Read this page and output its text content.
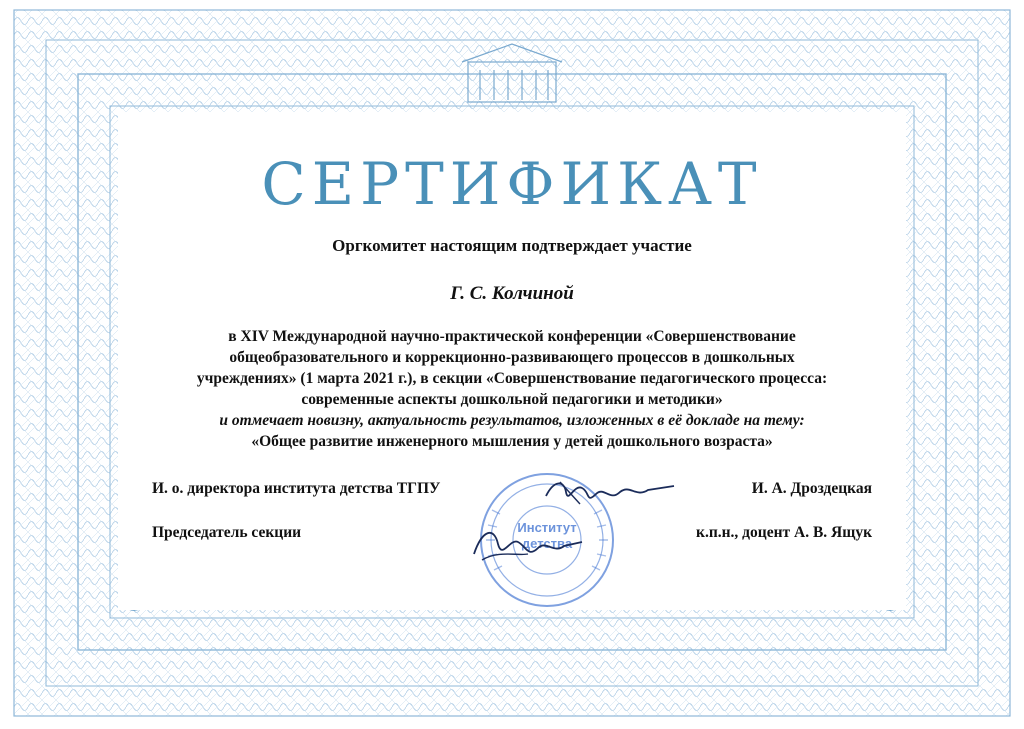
СЕРТИФИКАТ
Оргкомитет настоящим подтверждает участие
Г. С. Колчиной
в XIV Международной научно-практической конференции «Совершенствование
общеобразовательного и коррекционно-развивающего процессов в дошкольных
учреждениях» (1 марта 2021 г.), в секции «Совершенствование педагогического процесса:
современные аспекты дошкольной педагогики и методики»
и отмечает новизну, актуальность результатов, изложенных в её докладе на тему:
«Общее развитие инженерного мышления у детей дошкольного возраста»
Институт
детства
И. о. директора института детства ТГПУ	И. А. Дроздецкая
Председатель секции	к.п.н., доцент А. В. Ящук
